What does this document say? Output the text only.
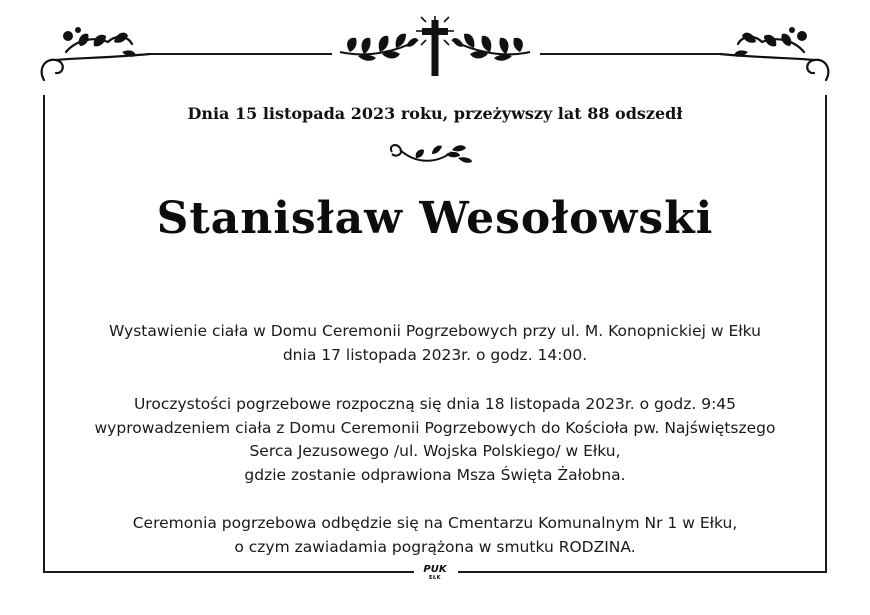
Dnia 15 listopada 2023 roku, przeżywszy lat 88 odszedł
Stanisław Wesołowski
Wystawienie ciała w Domu Ceremonii Pogrzebowych przy ul. M. Konopnickiej w Ełku
dnia 17 listopada 2023r. o godz. 14:00.
Uroczystości pogrzebowe rozpoczną się dnia 18 listopada 2023r. o godz. 9:45
wyprowadzeniem ciała z Domu Ceremonii Pogrzebowych do Kościoła pw. Najświętszego
Serca Jezusowego /ul. Wojska Polskiego/ w Ełku,
gdzie zostanie odprawiona Msza Święta Żałobna.
Ceremonia pogrzebowa odbędzie się na Cmentarzu Komunalnym Nr 1 w Ełku,
o czym zawiadamia pogrążona w smutku RODZINA.
PUK
EŁK
